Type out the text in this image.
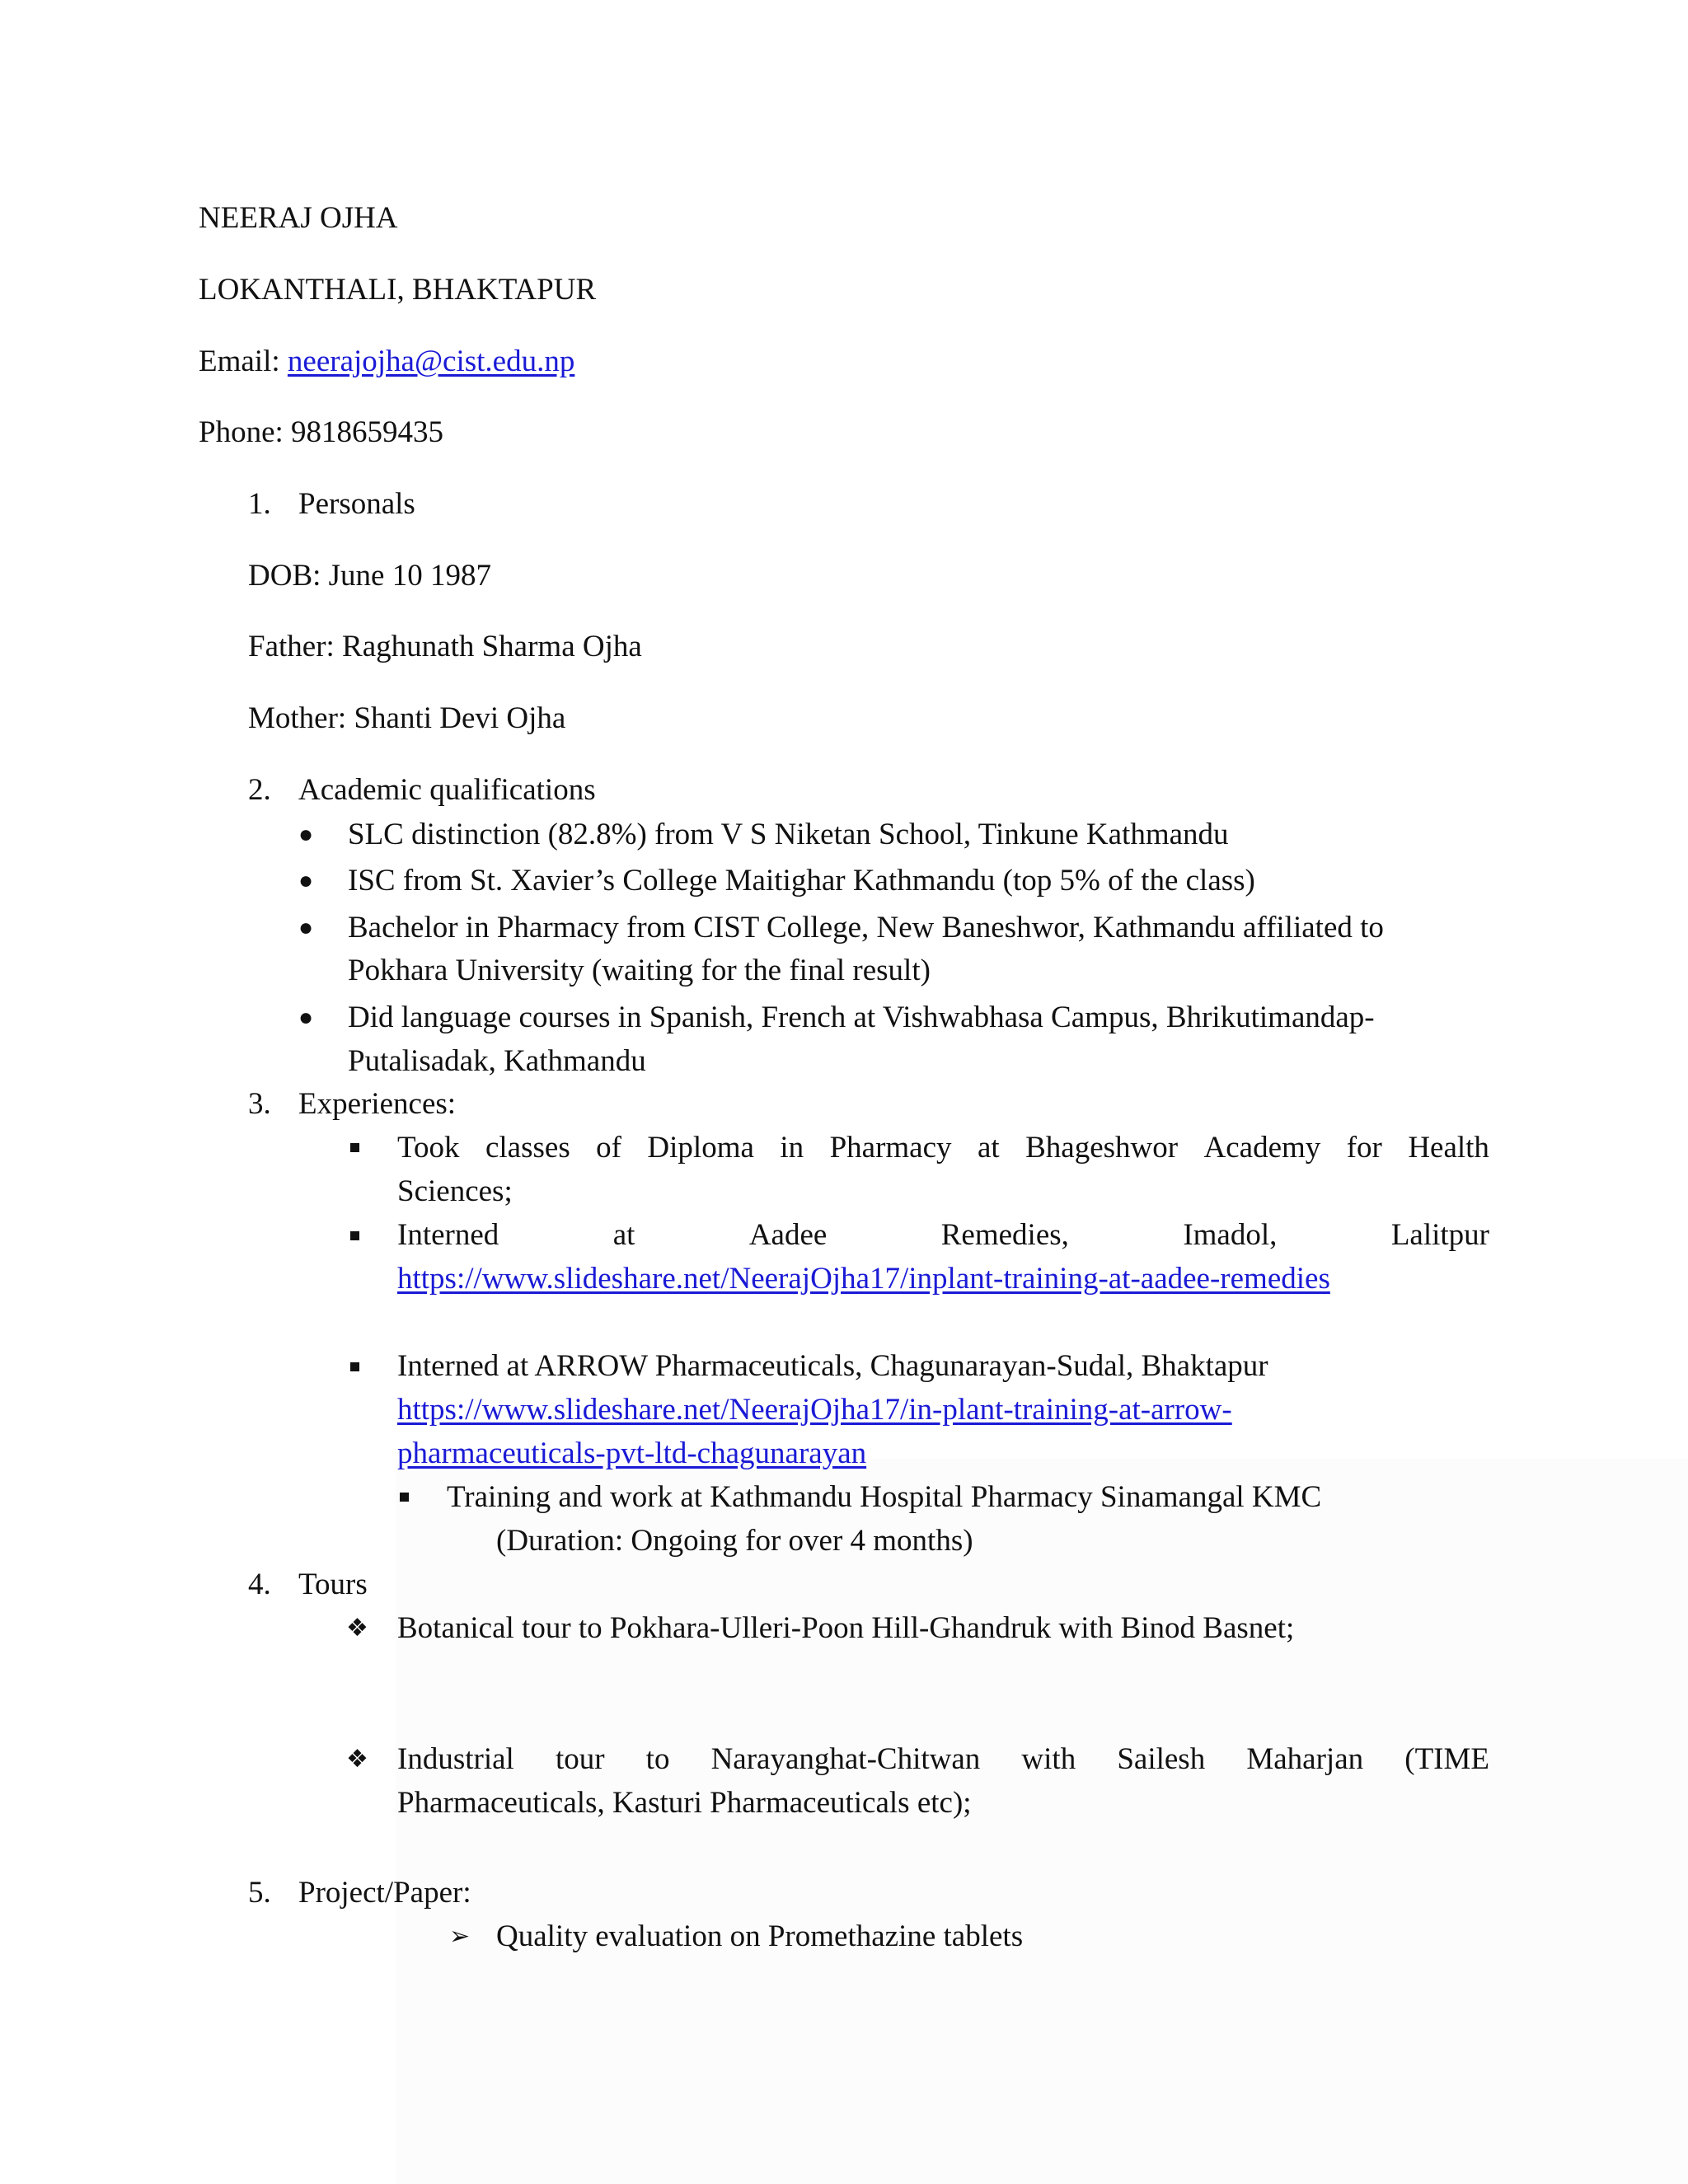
NEERAJ OJHA
LOKANTHALI, BHAKTAPUR
Email: neerajojha@cist.edu.np
Phone: 9818659435
1. Personals
DOB: June 10 1987
Father: Raghunath Sharma Ojha
Mother: Shanti Devi Ojha
2. Academic qualifications
● SLC distinction (82.8%) from V S Niketan School, Tinkune Kathmandu
● ISC from St. Xavier’s College Maitighar Kathmandu (top 5% of the class)
● Bachelor in Pharmacy from CIST College, New Baneshwor, Kathmandu affiliated to
Pokhara University (waiting for the final result)
● Did language courses in Spanish, French at Vishwabhasa Campus, Bhrikutimandap-
Putalisadak, Kathmandu
3. Experiences:
Took classes of Diploma in Pharmacy at Bhageshwor Academy for Health
Sciences;
Interned	at	Aadee	Remedies,	Imadol,	Lalitpur
https://www.slideshare.net/NeerajOjha17/inplant-training-at-aadee-remedies
Interned at ARROW Pharmaceuticals, Chagunarayan-Sudal, Bhaktapur
https://www.slideshare.net/NeerajOjha17/in-plant-training-at-arrow-
pharmaceuticals-pvt-ltd-chagunarayan
Training and work at Kathmandu Hospital Pharmacy Sinamangal KMC
(Duration: Ongoing for over 4 months)
4. Tours
❖ Botanical tour to Pokhara-Ulleri-Poon Hill-Ghandruk with Binod Basnet;
❖ Industrial tour to Narayanghat-Chitwan with Sailesh Maharjan (TIME
Pharmaceuticals, Kasturi Pharmaceuticals etc);
5. Project/Paper:
➢ Quality evaluation on Promethazine tablets
